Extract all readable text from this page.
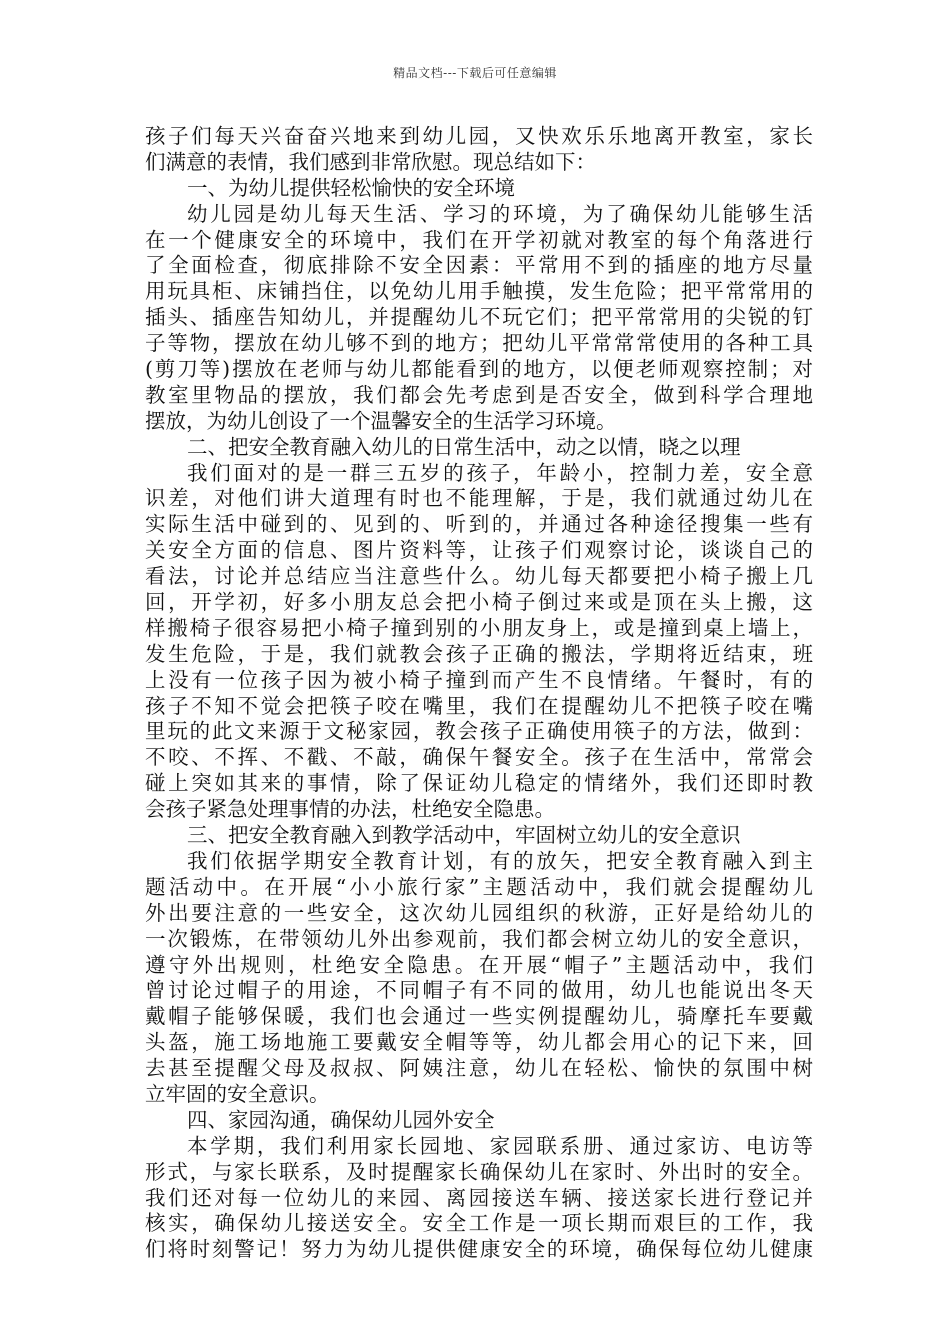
精品文档---下载后可任意编辑
孩子们每天兴奋奋兴地来到幼儿园，又快欢乐乐地离开教室，家长
们满意的表情，我们感到非常欣慰。现总结如下：
一、为幼儿提供轻松愉快的安全环境
幼儿园是幼儿每天生活、学习的环境，为了确保幼儿能够生活
在一个健康安全的环境中，我们在开学初就对教室的每个角落进行
了全面检查，彻底排除不安全因素：平常用不到的插座的地方尽量
用玩具柜、床铺挡住，以免幼儿用手触摸，发生危险；把平常常用的
插头、插座告知幼儿，并提醒幼儿不玩它们；把平常常用的尖锐的钉
子等物，摆放在幼儿够不到的地方；把幼儿平常常常使用的各种工具
(剪刀等)摆放在老师与幼儿都能看到的地方，以便老师观察控制；对
教室里物品的摆放，我们都会先考虑到是否安全，做到科学合理地
摆放，为幼儿创设了一个温馨安全的生活学习环境。
二、把安全教育融入幼儿的日常生活中，动之以情，晓之以理
我们面对的是一群三五岁的孩子，年龄小，控制力差，安全意
识差，对他们讲大道理有时也不能理解，于是，我们就通过幼儿在
实际生活中碰到的、见到的、听到的，并通过各种途径搜集一些有
关安全方面的信息、图片资料等，让孩子们观察讨论，谈谈自己的
看法，讨论并总结应当注意些什么。幼儿每天都要把小椅子搬上几
回，开学初，好多小朋友总会把小椅子倒过来或是顶在头上搬，这
样搬椅子很容易把小椅子撞到别的小朋友身上，或是撞到桌上墙上，
发生危险，于是，我们就教会孩子正确的搬法，学期将近结束，班
上没有一位孩子因为被小椅子撞到而产生不良情绪。午餐时，有的
孩子不知不觉会把筷子咬在嘴里，我们在提醒幼儿不把筷子咬在嘴
里玩的此文来源于文秘家园，教会孩子正确使用筷子的方法，做到：
不咬、不挥、不戳、不敲，确保午餐安全。孩子在生活中，常常会
碰上突如其来的事情，除了保证幼儿稳定的情绪外，我们还即时教
会孩子紧急处理事情的办法，杜绝安全隐患。
三、把安全教育融入到教学活动中，牢固树立幼儿的安全意识
我们依据学期安全教育计划，有的放矢，把安全教育融入到主
题活动中。在开展“小小旅行家”主题活动中，我们就会提醒幼儿
外出要注意的一些安全，这次幼儿园组织的秋游，正好是给幼儿的
一次锻炼，在带领幼儿外出参观前，我们都会树立幼儿的安全意识，
遵守外出规则，杜绝安全隐患。在开展“帽子”主题活动中，我们
曾讨论过帽子的用途，不同帽子有不同的做用，幼儿也能说出冬天
戴帽子能够保暖，我们也会通过一些实例提醒幼儿，骑摩托车要戴
头盔，施工场地施工要戴安全帽等等，幼儿都会用心的记下来，回
去甚至提醒父母及叔叔、阿姨注意，幼儿在轻松、愉快的氛围中树
立牢固的安全意识。
四、家园沟通，确保幼儿园外安全
本学期，我们利用家长园地、家园联系册、通过家访、电访等
形式，与家长联系，及时提醒家长确保幼儿在家时、外出时的安全。
我们还对每一位幼儿的来园、离园接送车辆、接送家长进行登记并
核实，确保幼儿接送安全。安全工作是一项长期而艰巨的工作，我
们将时刻警记！努力为幼儿提供健康安全的环境，确保每位幼儿健康
